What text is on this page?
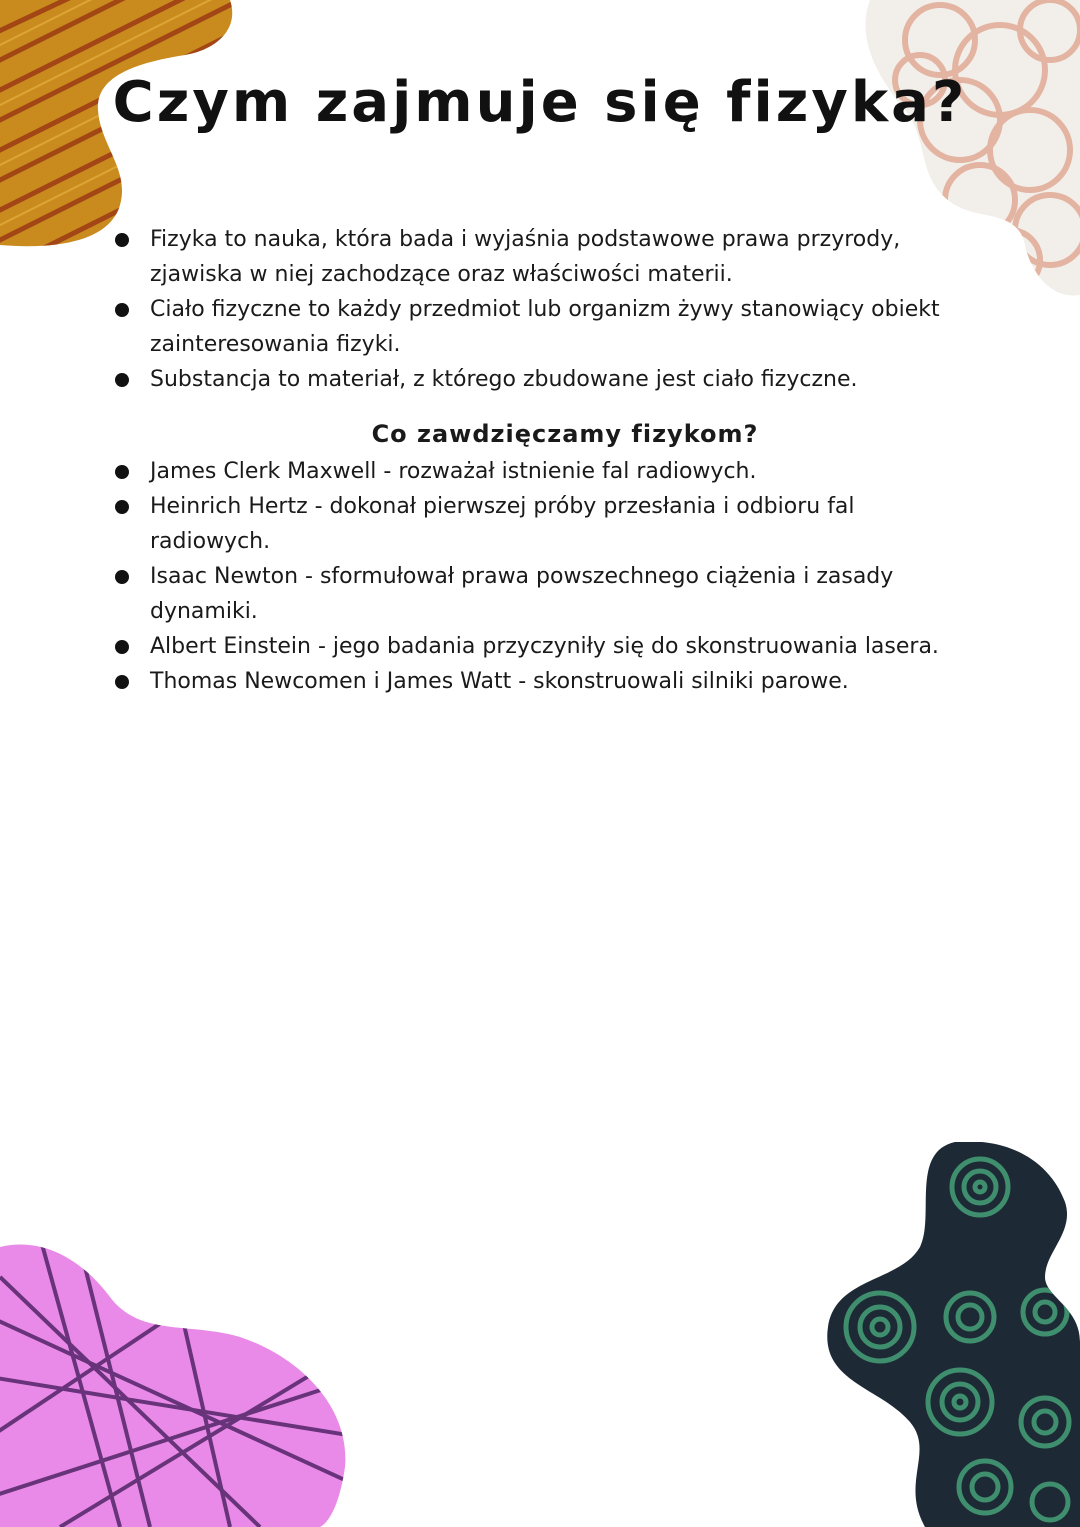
Czym zajmuje się fizyka?
Fizyka to nauka, która bada i wyjaśnia podstawowe prawa przyrody, zjawiska w niej zachodzące oraz właściwości materii.
Ciało fizyczne to każdy przedmiot lub organizm żywy stanowiący obiekt zainteresowania fizyki.
Substancja to materiał, z którego zbudowane jest ciało fizyczne.
Co zawdzięczamy fizykom?
James Clerk Maxwell - rozważał istnienie fal radiowych.
Heinrich Hertz - dokonał pierwszej próby przesłania i odbioru fal radiowych.
Isaac Newton - sformułował prawa powszechnego ciążenia i zasady dynamiki.
Albert Einstein - jego badania przyczyniły się do skonstruowania lasera.
Thomas Newcomen i James Watt - skonstruowali silniki parowe.
